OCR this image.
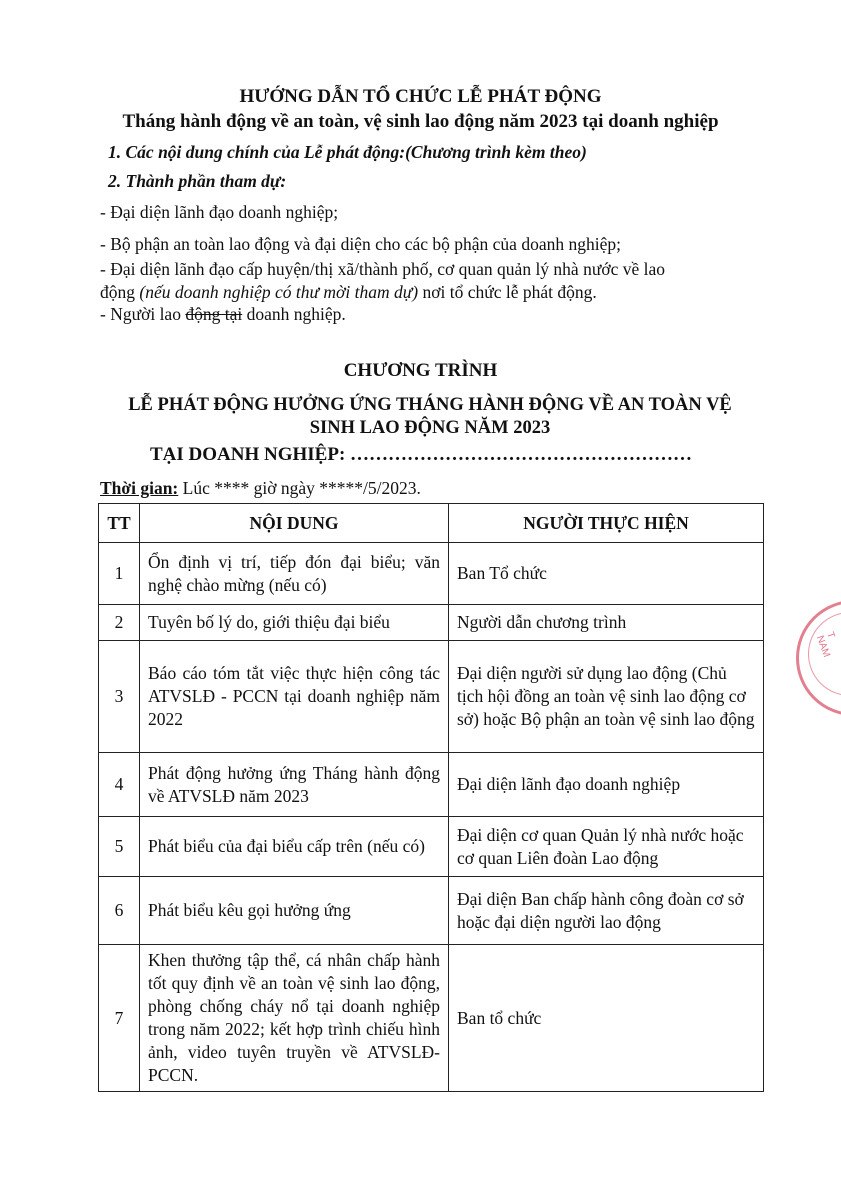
HƯỚNG DẪN TỔ CHỨC LỄ PHÁT ĐỘNG
Tháng hành động về an toàn, vệ sinh lao động năm 2023 tại doanh nghiệp
1. Các nội dung chính của Lễ phát động:(Chương trình kèm theo)
2. Thành phần tham dự:
- Đại diện lãnh đạo doanh nghiệp;
- Bộ phận an toàn lao động và đại diện cho các bộ phận của doanh nghiệp;
- Đại diện lãnh đạo cấp huyện/thị xã/thành phố, cơ quan quản lý nhà nước về lao
động (nếu doanh nghiệp có thư mời tham dự) nơi tổ chức lễ phát động.
- Người lao động tại doanh nghiệp.
CHƯƠNG TRÌNH
LỄ PHÁT ĐỘNG HƯỞNG ỨNG THÁNG HÀNH ĐỘNG VỀ AN TOÀN VỆ
SINH LAO ĐỘNG NĂM 2023
TẠI DOANH NGHIỆP: ………………………………………………
Thời gian: Lúc **** giờ ngày *****/5/2023.
TT	NỘI DUNG	NGƯỜI THỰC HIỆN
1	Ổn định vị trí, tiếp đón đại biểu; văn nghệ chào mừng (nếu có)	Ban Tổ chức
2	Tuyên bố lý do, giới thiệu đại biểu	Người dẫn chương trình
3	Báo cáo tóm tắt việc thực hiện công tác ATVSLĐ - PCCN tại doanh nghiệp năm 2022	Đại diện người sử dụng lao động (Chủ tịch hội đồng an toàn vệ sinh lao động cơ sở) hoặc Bộ phận an toàn vệ sinh lao động
4	Phát động hưởng ứng Tháng hành động về ATVSLĐ năm 2023	Đại diện lãnh đạo doanh nghiệp
5	Phát biểu của đại biểu cấp trên (nếu có)	Đại diện cơ quan Quản lý nhà nước hoặc cơ quan Liên đoàn Lao động
6	Phát biểu kêu gọi hưởng ứng	Đại diện Ban chấp hành công đoàn cơ sở hoặc đại diện người lao động
7	Khen thưởng tập thể, cá nhân chấp hành tốt quy định về an toàn vệ sinh lao động, phòng chống cháy nổ tại doanh nghiệp trong năm 2022; kết hợp trình chiếu hình ảnh, video tuyên truyền về ATVSLĐ-PCCN.	Ban tổ chức
T NAM
